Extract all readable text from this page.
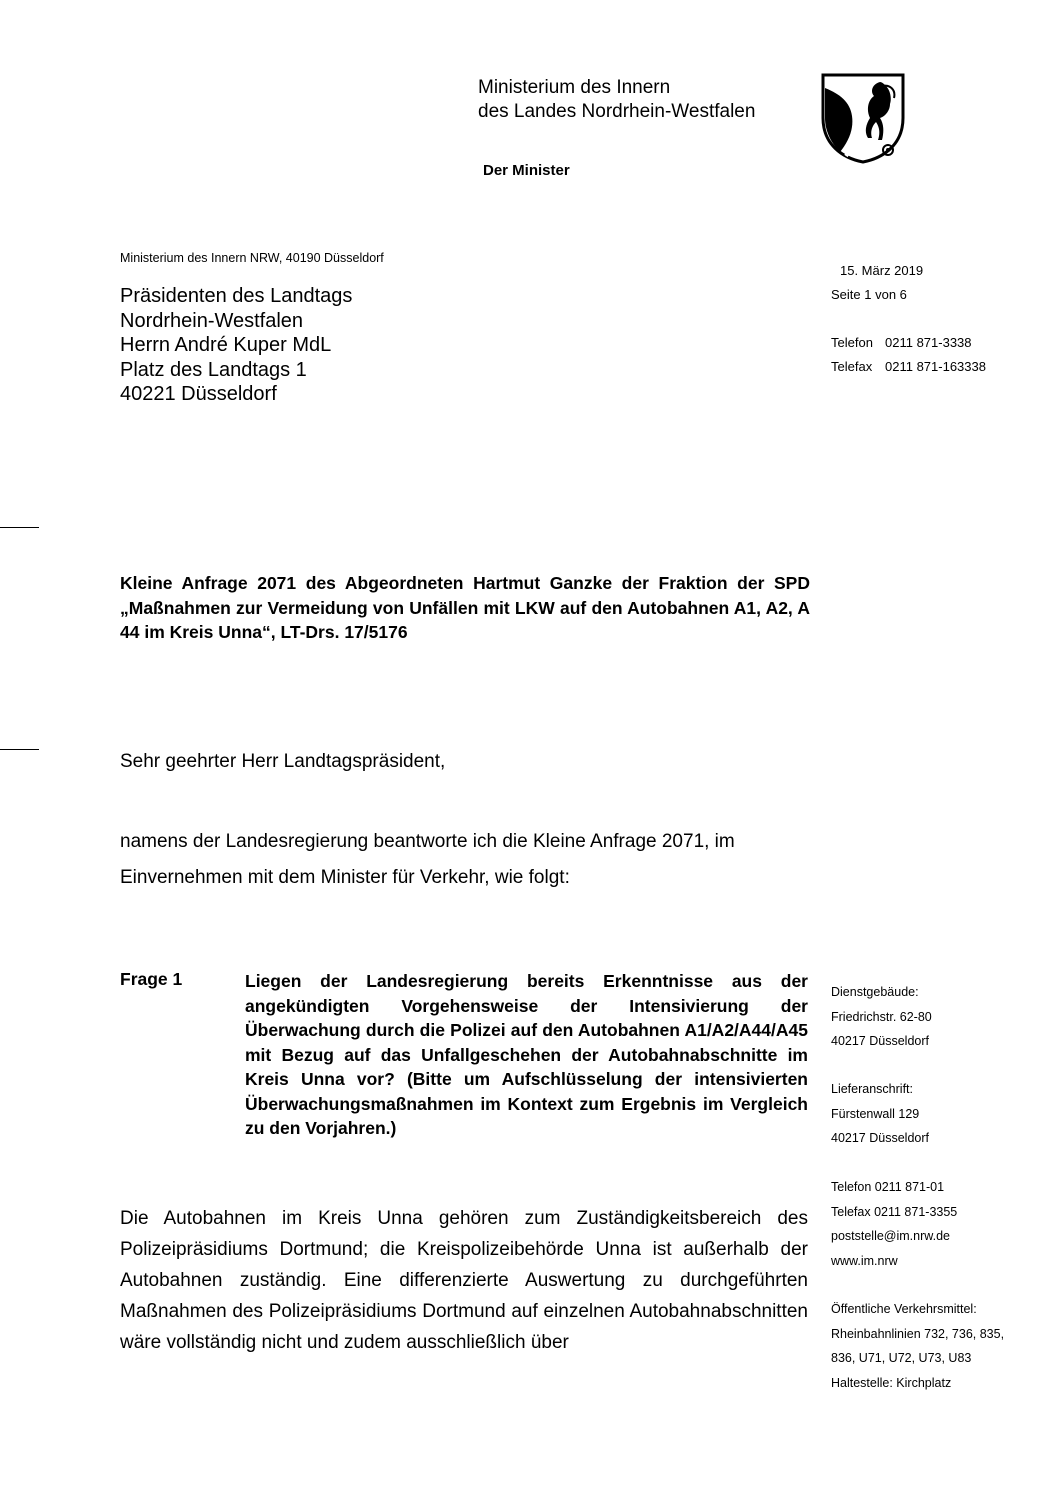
Ministerium des Innern
des Landes Nordrhein-Westfalen
Der Minister
Ministerium des Innern NRW, 40190 Düsseldorf
Präsidenten des Landtags
Nordrhein-Westfalen
Herrn André Kuper MdL
Platz des Landtags 1
40221 Düsseldorf
15. März 2019
Seite 1 von 6
Telefon 0211 871-3338
Telefax 0211 871-163338
Kleine Anfrage 2071 des Abgeordneten Hartmut Ganzke der Fraktion der SPD „Maßnahmen zur Vermeidung von Unfällen mit LKW auf den Autobahnen A1, A2, A 44 im Kreis Unna“, LT-Drs. 17/5176
Sehr geehrter Herr Landtagspräsident,
namens der Landesregierung beantworte ich die Kleine Anfrage 2071, im Einvernehmen mit dem Minister für Verkehr, wie folgt:
Frage 1	Liegen der Landesregierung bereits Erkenntnisse aus der angekündigten Vorgehensweise der Intensivierung der Überwachung durch die Polizei auf den Autobahnen A1/A2/A44/A45 mit Bezug auf das Unfallgeschehen der Autobahnabschnitte im Kreis Unna vor? (Bitte um Aufschlüsselung der intensivierten Überwachungsmaßnahmen im Kontext zum Ergebnis im Vergleich zu den Vorjahren.)
Die Autobahnen im Kreis Unna gehören zum Zuständigkeitsbereich des Polizeipräsidiums Dortmund; die Kreispolizeibehörde Unna ist außerhalb der Autobahnen zuständig. Eine differenzierte Auswertung zu durchgeführten Maßnahmen des Polizeipräsidiums Dortmund auf einzelnen Autobahnabschnitten wäre vollständig nicht und zudem ausschließlich über
Dienstgebäude:
Friedrichstr. 62-80
40217 Düsseldorf
Lieferanschrift:
Fürstenwall 129
40217 Düsseldorf
Telefon 0211 871-01
Telefax 0211 871-3355
poststelle@im.nrw.de
www.im.nrw
Öffentliche Verkehrsmittel:
Rheinbahnlinien 732, 736, 835,
836, U71, U72, U73, U83
Haltestelle: Kirchplatz
